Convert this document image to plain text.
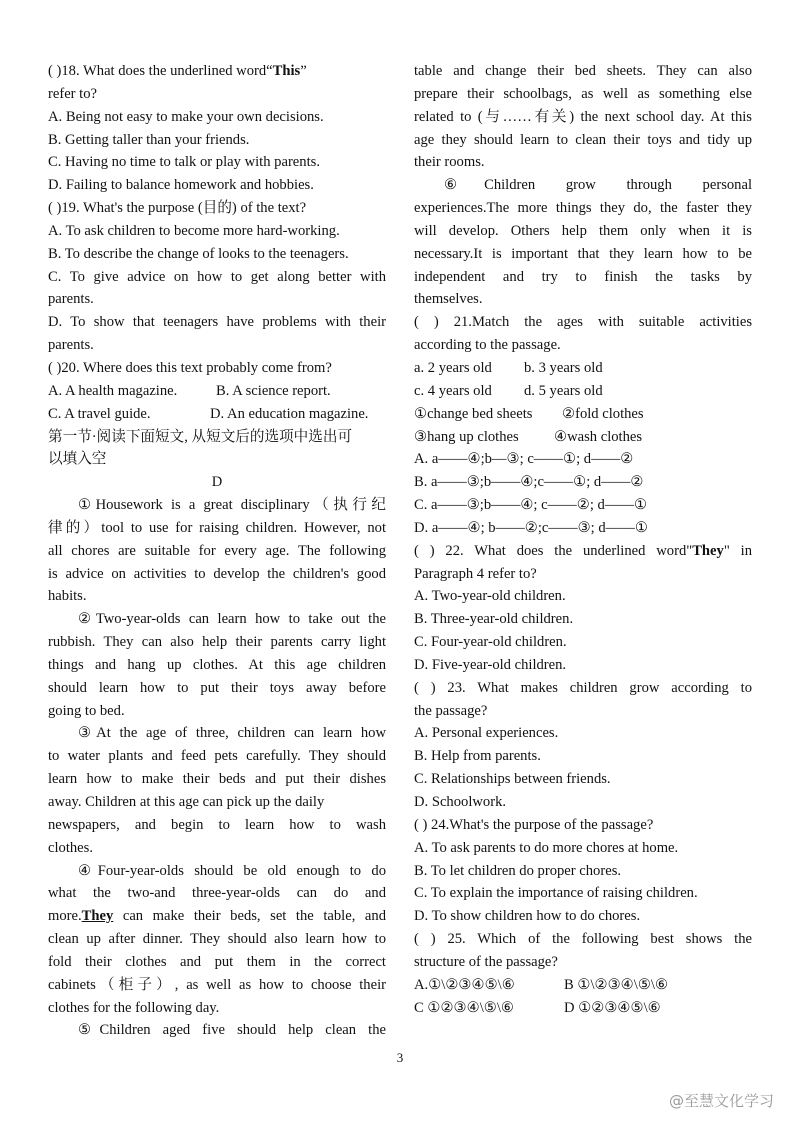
( )18. What does the underlined word“This”
refer to?
A. Being not easy to make your own decisions.
B. Getting taller than your friends.
C. Having no time to talk or play with parents.
D. Failing to balance homework and hobbies.
( )19. What's the purpose (目的) of the text?
A. To ask children to become more hard-working.
B. To describe the change of looks to the teenagers.
C. To give advice on how to get along better with
parents.
D. To show that teenagers have problems with their
parents.
( )20. Where does this text probably come from?
A. A health magazine.	B. A science report.
C. A travel guide.	D. An education magazine.
第一节·阅读下面短文, 从短文后的选项中选出可
以填入空
D
①Housework is a great disciplinary（执行纪
律的）tool to use for raising children. However, not
all chores are suitable for every age. The following
is advice on activities to develop the children's good
habits.
②Two-year-olds can learn how to take out the
rubbish. They can also help their parents carry light
things and hang up clothes. At this age children
should learn how to put their toys away before
going to bed.
③At the age of three, children can learn how
to water plants and feed pets carefully. They should
learn how to make their beds and put their dishes
away. Children at this age can pick up the daily
newspapers, and begin to learn how to wash
clothes.
④Four-year-olds should be old enough to do
what the two-and three-year-olds can do and
more.They can make their beds, set the table, and
clean up after dinner. They should also learn how to
fold their clothes and put them in the correct
cabinets（柜子）, as well as how to choose their
clothes for the following day.
⑤Children aged five should help clean the
table and change their bed sheets. They can also
prepare their schoolbags, as well as something else
related to (与……有关) the next school day. At this
age they should learn to clean their toys and tidy up
their rooms.
⑥Children grow through personal
experiences.The more things they do, the faster they
will develop. Others help them only when it is
necessary.It is important that they learn how to be
independent and try to finish the tasks by
themselves.
( ) 21.Match the ages with suitable activities
according to the passage.
a. 2 years old	b. 3 years old
c. 4 years old	d. 5 years old
①change bed sheets	②fold clothes
③hang up clothes	④wash clothes
A. a——④;b—③; c——①; d——②
B. a——③;b——④;c——①; d——②
C. a——③;b——④; c——②; d——①
D. a——④; b——②;c——③; d——①
( ) 22. What does the underlined word"They" in
Paragraph 4 refer to?
A. Two-year-old children.
B. Three-year-old children.
C. Four-year-old children.
D. Five-year-old children.
( ) 23. What makes children grow according to
the passage?
A. Personal experiences.
B. Help from parents.
C. Relationships between friends.
D. Schoolwork.
( ) 24.What's the purpose of the passage?
A. To ask parents to do more chores at home.
B. To let children do proper chores.
C. To explain the importance of raising children.
D. To show children how to do chores.
( ) 25. Which of the following best shows the
structure of the passage?
A.①\②③④⑤\⑥	B ①\②③④\⑤\⑥
C ①②③④\⑤\⑥	D ①②③④⑤\⑥
3
@至慧文化学习
